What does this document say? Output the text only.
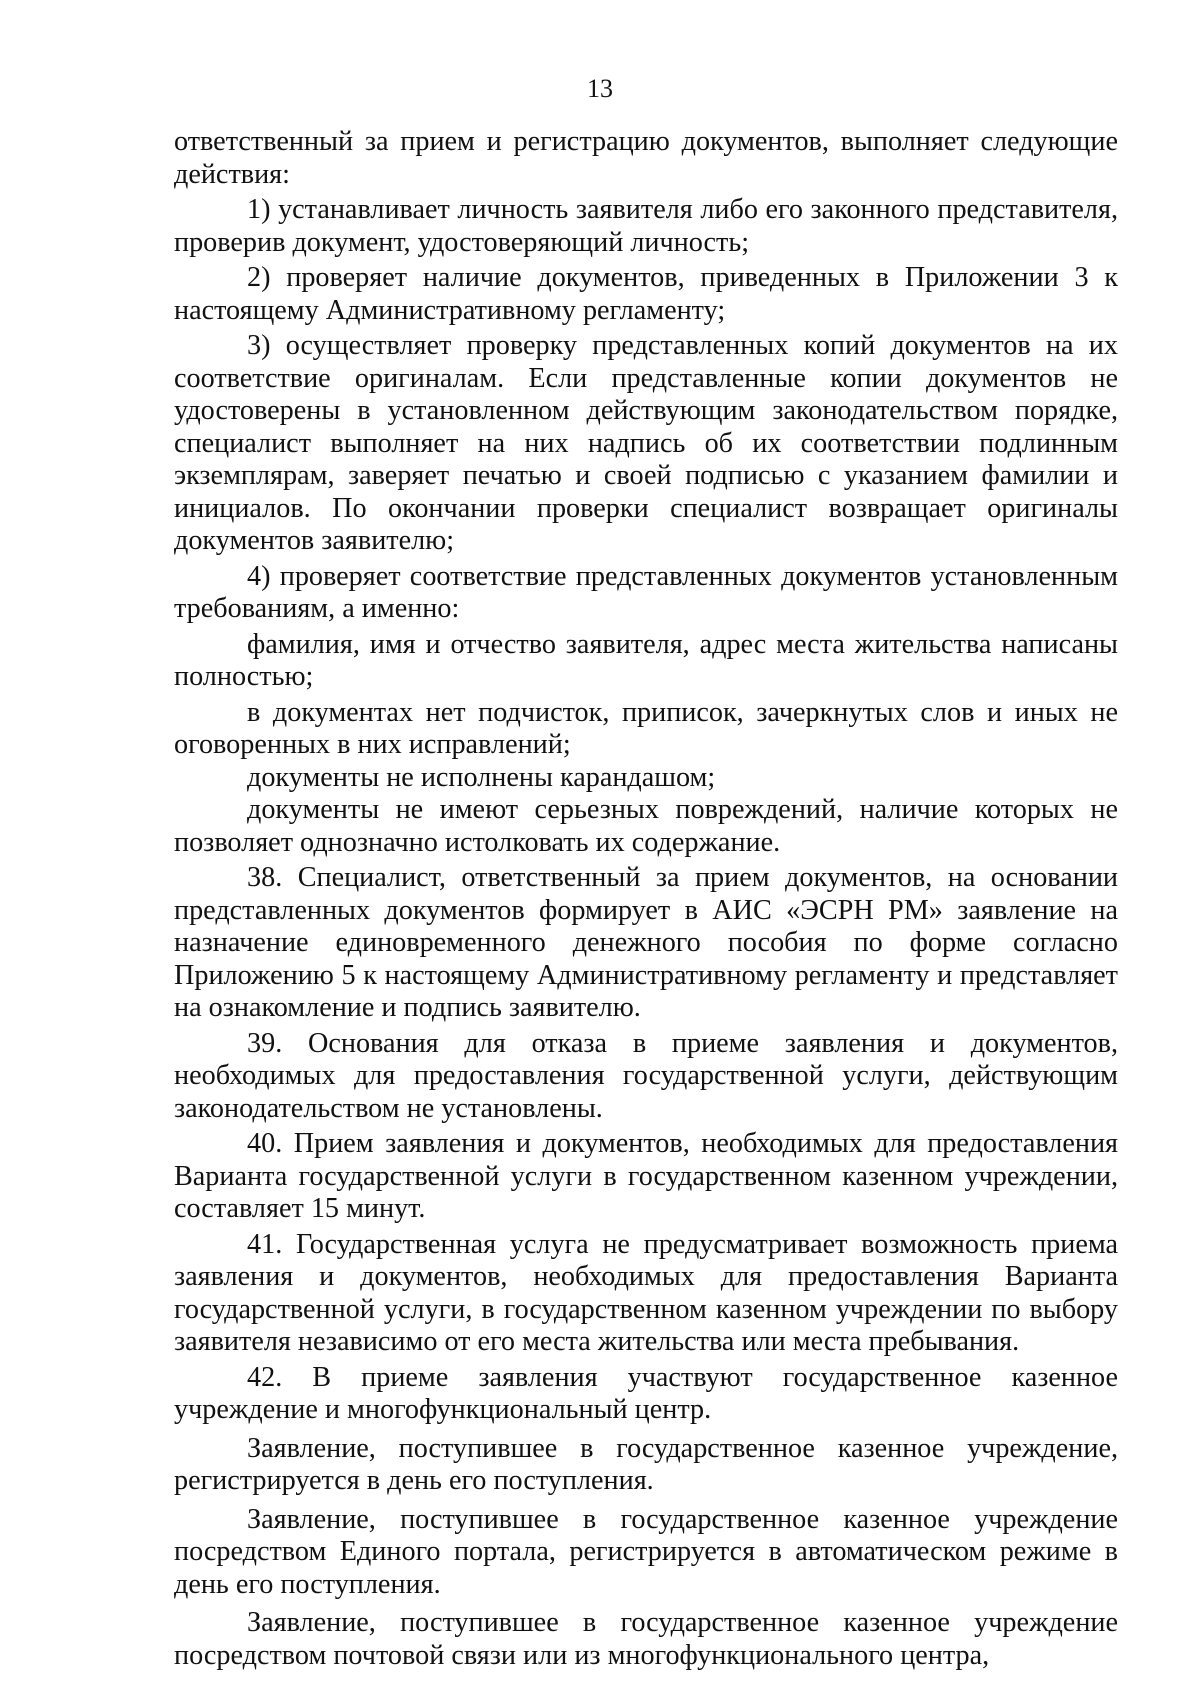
13

ответственный за прием и регистрацию документов, выполняет следующие действия:

1) устанавливает личность заявителя либо его законного представителя, проверив документ, удостоверяющий личность;

2) проверяет наличие документов, приведенных в Приложении 3 к настоящему Административному регламенту;

3) осуществляет проверку представленных копий документов на их соответствие оригиналам. Если представленные копии документов не удостоверены в установленном действующим законодательством порядке, специалист выполняет на них надпись об их соответствии подлинным экземплярам, заверяет печатью и своей подписью с указанием фамилии и инициалов. По окончании проверки специалист возвращает оригиналы документов заявителю;

4) проверяет соответствие представленных документов установленным требованиям, а именно:

фамилия, имя и отчество заявителя, адрес места жительства написаны полностью;

в документах нет подчисток, приписок, зачеркнутых слов и иных не оговоренных в них исправлений;

документы не исполнены карандашом;

документы не имеют серьезных повреждений, наличие которых не позволяет однозначно истолковать их содержание.

38. Специалист, ответственный за прием документов, на основании представленных документов формирует в АИС «ЭСРН РМ» заявление на назначение единовременного денежного пособия по форме согласно Приложению 5 к настоящему Административному регламенту и представляет на ознакомление и подпись заявителю.

39. Основания для отказа в приеме заявления и документов, необходимых для предоставления государственной услуги, действующим законодательством не установлены.

40. Прием заявления и документов, необходимых для предоставления Варианта государственной услуги в государственном казенном учреждении, составляет 15 минут.

41. Государственная услуга не предусматривает возможность приема заявления и документов, необходимых для предоставления Варианта государственной услуги, в государственном казенном учреждении по выбору заявителя независимо от его места жительства или места пребывания.

42. В приеме заявления участвуют государственное казенное учреждение и многофункциональный центр.

Заявление, поступившее в государственное казенное учреждение, регистрируется в день его поступления.

Заявление, поступившее в государственное казенное учреждение посредством Единого портала, регистрируется в автоматическом режиме в день его поступления.

Заявление, поступившее в государственное казенное учреждение посредством почтовой связи или из многофункционального центра,
